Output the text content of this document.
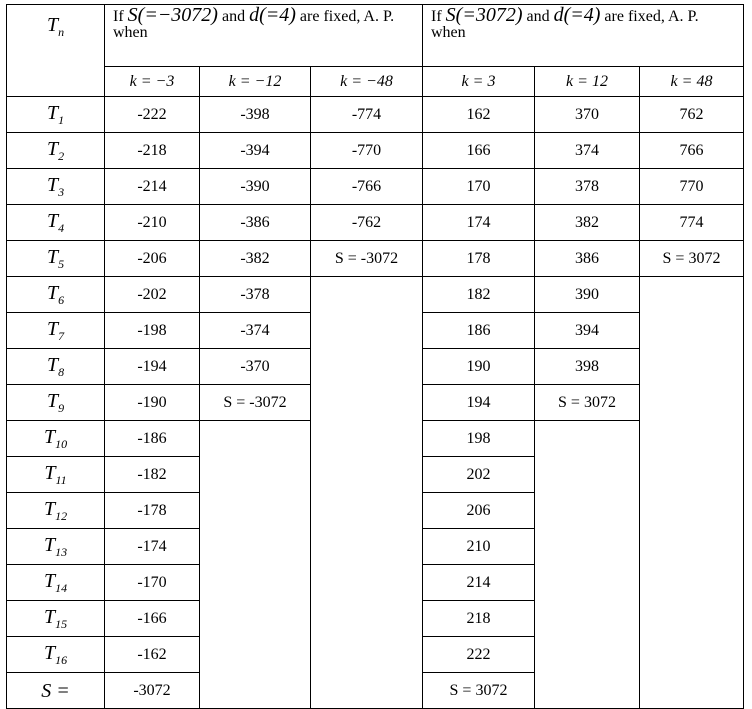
$T_n$	If S(=−3072) and d(=4) are fixed, A. P. when			If S(=3072) and d(=4) are fixed, A. P. when		
	k = −3	k = −12	k = −48	k = 3	k = 12	k = 48
$T_1$	-222	-398	-774	162	370	762
$T_2$	-218	-394	-770	166	374	766
$T_3$	-214	-390	-766	170	378	770
$T_4$	-210	-386	-762	174	382	774
$T_5$	-206	-382	S = -3072	178	386	S = 3072
$T_6$	-202	-378		182	390	
$T_7$	-198	-374		186	394	
$T_8$	-194	-370		190	398	
$T_9$	-190	S = -3072		194	S = 3072	
$T_{10}$	-186			198		
$T_{11}$	-182			202		
$T_{12}$	-178			206		
$T_{13}$	-174			210		
$T_{14}$	-170			214		
$T_{15}$	-166			218		
$T_{16}$	-162			222		
S =	-3072			S = 3072		
